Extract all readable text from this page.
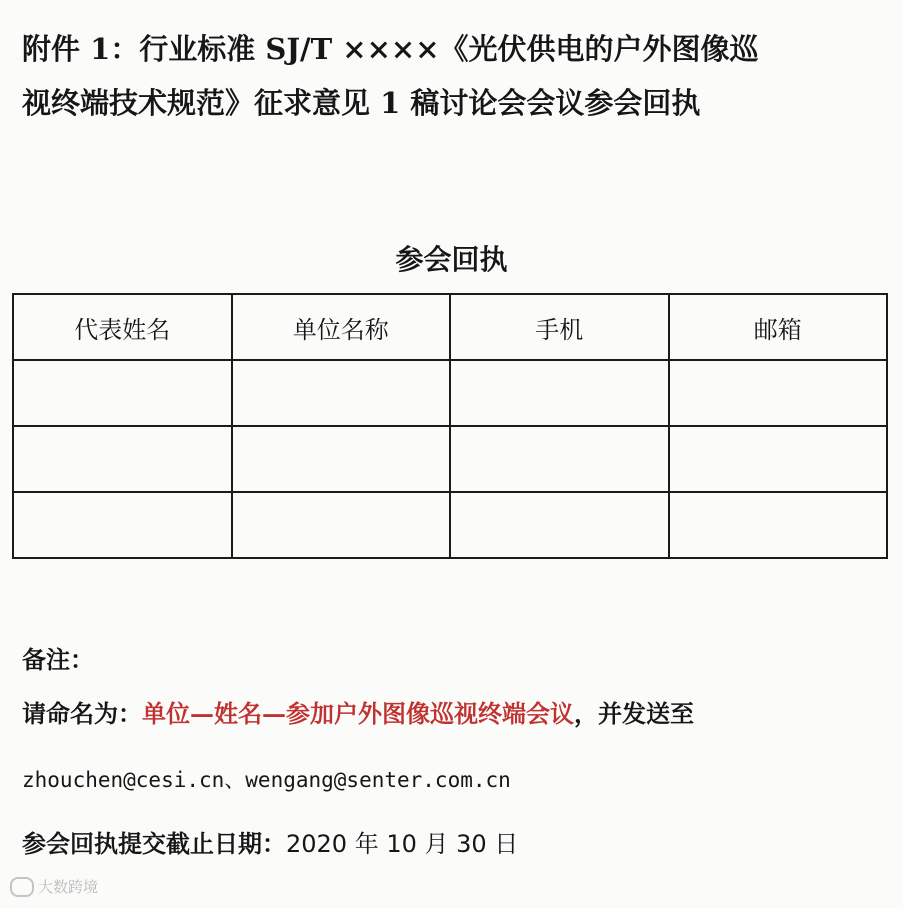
附件 1：行业标准 SJ/T ××××《光伏供电的户外图像巡
视终端技术规范》征求意见 1 稿讨论会会议参会回执
参会回执
代表姓名	单位名称	手机	邮箱

备注：
请命名为：单位—姓名—参加户外图像巡视终端会议，并发送至
zhouchen@cesi.cn、wengang@senter.com.cn
参会回执提交截止日期：2020 年 10 月 30 日
大数跨境
